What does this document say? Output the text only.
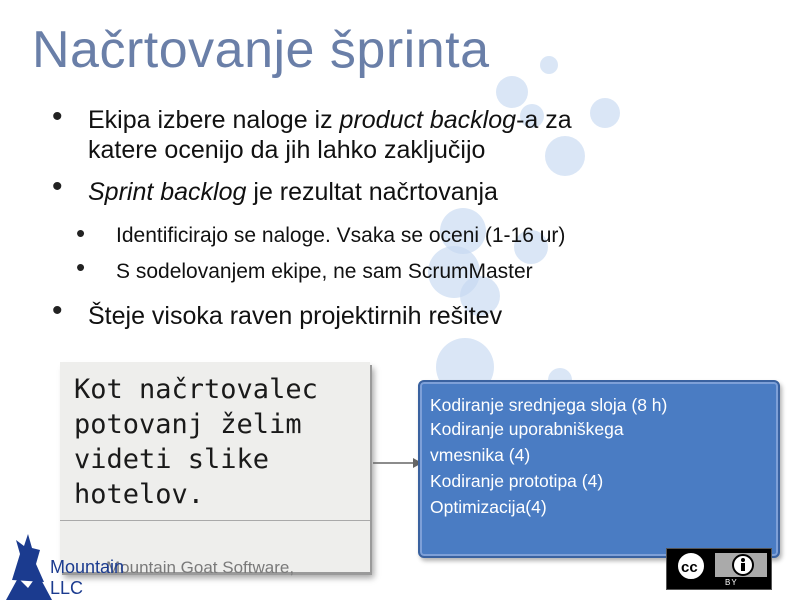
Načrtovanje šprinta
• Ekipa izbere naloge iz product backlog-a za
katere ocenijo da jih lahko zaključijo
• Sprint backlog je rezultat načrtovanja
• Identificirajo se naloge. Vsaka se oceni (1-16 ur)
• S sodelovanjem ekipe, ne sam ScrumMaster
• Šteje visoka raven projektirnih rešitev
Kot načrtovalec
potovanj želim
videti slike
hotelov.
Mountain Goat Software,
Kodiranje srednjega sloja (8 h)
Kodiranje uporabniškega
vmesnika (4)
Kodiranje prototipa (4)
Optimizacija(4)
Mountain
LLC
cc
BY
